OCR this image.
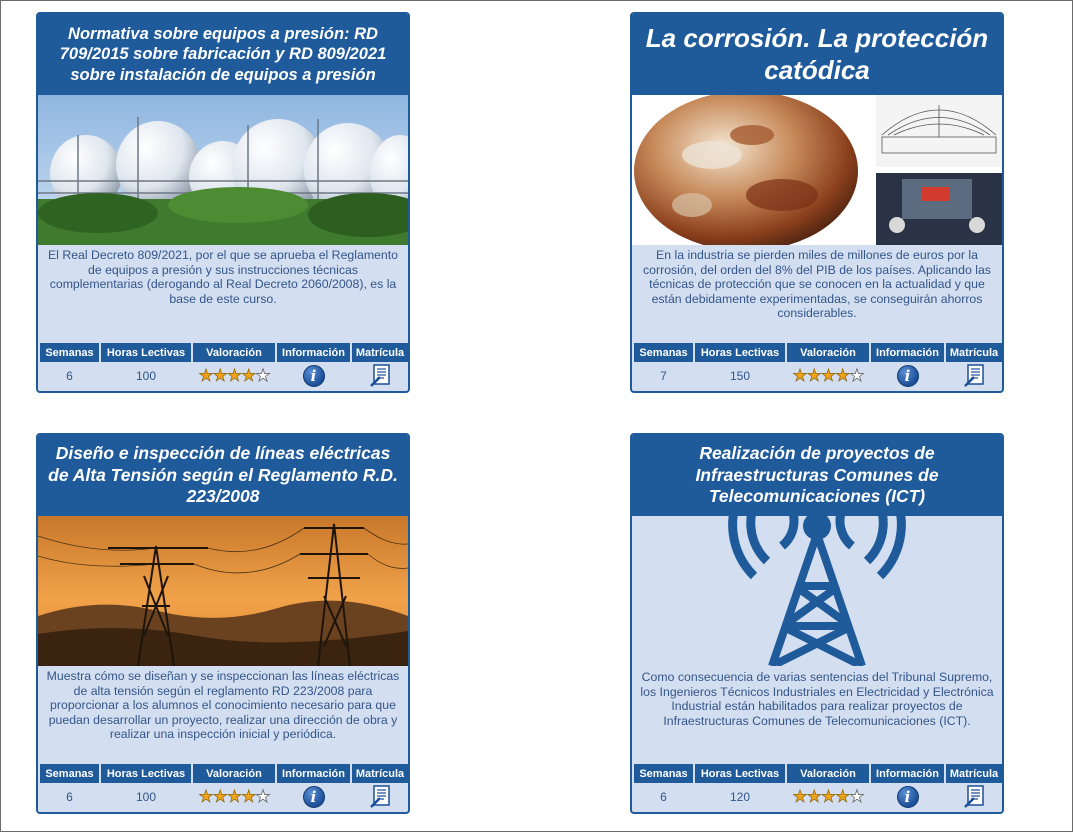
Normativa sobre equipos a presión: RD 709/2015 sobre fabricación y RD 809/2021 sobre instalación de equipos a presión
El Real Decreto 809/2021, por el que se aprueba el Reglamento de equipos a presión y sus instrucciones técnicas complementarias (derogando al Real Decreto 2060/2008), es la base de este curso.
Semanas	Horas Lectivas	Valoración	Información	Matrícula
6	100	★★★★★	i	
La corrosión. La protección catódica
En la industria se pierden miles de millones de euros por la corrosión, del orden del 8% del PIB de los países. Aplicando las técnicas de protección que se conocen en la actualidad y que están debidamente experimentadas, se conseguirán ahorros considerables.
Semanas	Horas Lectivas	Valoración	Información	Matrícula
7	150	★★★★★	i	
Diseño e inspección de líneas eléctricas de Alta Tensión según el Reglamento R.D. 223/2008
Muestra cómo se diseñan y se inspeccionan las líneas eléctricas de alta tensión según el reglamento RD 223/2008 para proporcionar a los alumnos el conocimiento necesario para que puedan desarrollar un proyecto, realizar una dirección de obra y realizar una inspección inicial y periódica.
Semanas	Horas Lectivas	Valoración	Información	Matrícula
6	100	★★★★★	i	
Realización de proyectos de Infraestructuras Comunes de Telecomunicaciones (ICT)
Como consecuencia de varias sentencias del Tribunal Supremo, los Ingenieros Técnicos Industriales en Electricidad y Electrónica Industrial están habilitados para realizar proyectos de Infraestructuras Comunes de Telecomunicaciones (ICT).
Semanas	Horas Lectivas	Valoración	Información	Matrícula
6	120	★★★★★	i	
